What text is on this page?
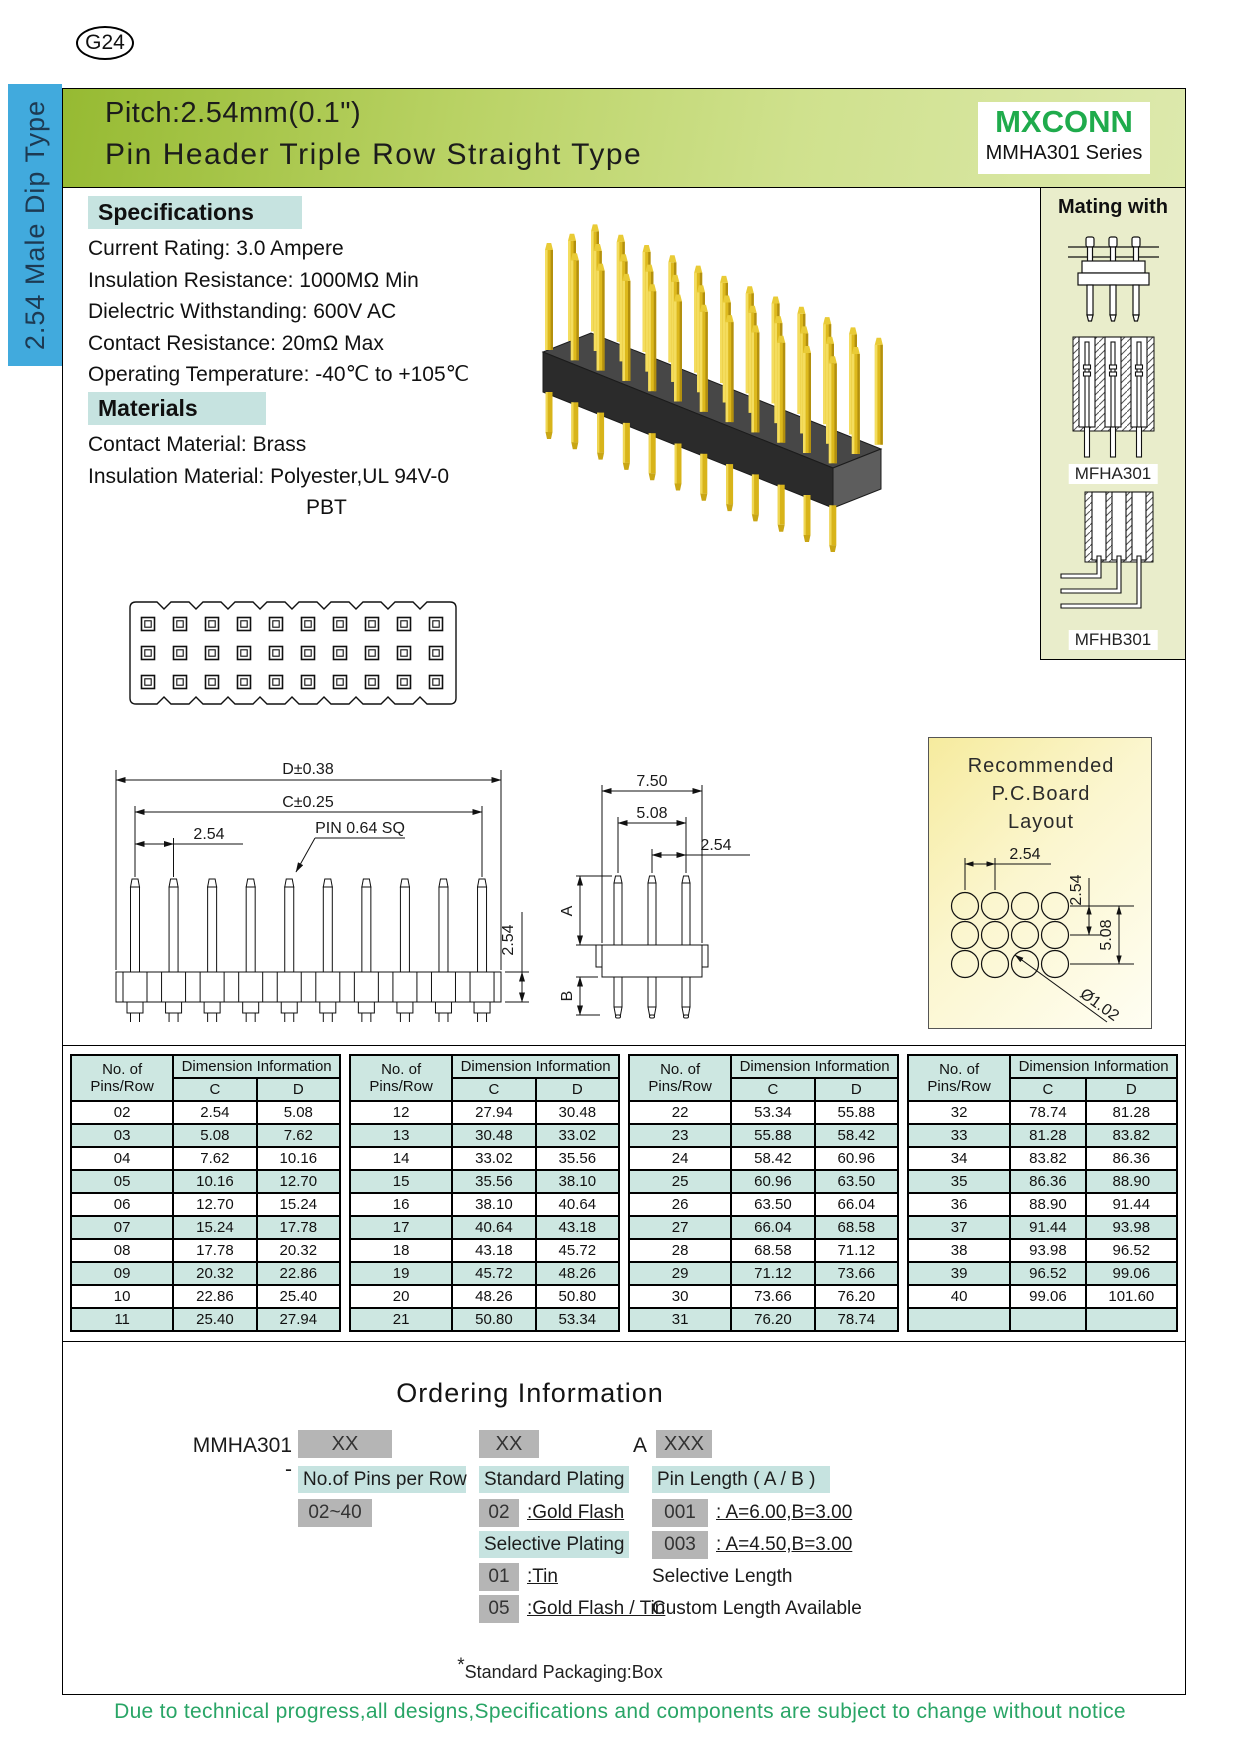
G24
2.54 Male Dip Type Pitch:2.54mm(0.1")
Pin Header Triple Row Straight Type
MXCONN
MMHA301 Series
Mating with
MFHA301
MFHB301
Specifications
Current Rating: 3.0 Ampere
Insulation Resistance: 1000MΩ Min
Dielectric Withstanding: 600V AC
Contact Resistance: 20mΩ Max
Operating Temperature: -40℃ to +105℃
Materials
Contact Material: Brass
Insulation Material: Polyester,UL 94V-0
PBT
D±0.38
C±0.25
2.54	PIN 0.64 SQ
2.54
7.50
5.08
2.54
A
B
Recommended
P.C.Board
Layout
2.54
2.54
5.08
Ø1.02
No. of
Pins/Row	Dimension Information	
	C	D
02	2.54	5.08
03	5.08	7.62
04	7.62	10.16
05	10.16	12.70
06	12.70	15.24
07	15.24	17.78
08	17.78	20.32
09	20.32	22.86
10	22.86	25.40
11	25.40	27.94
No. of
Pins/Row	Dimension Information	
	C	D
12	27.94	30.48
13	30.48	33.02
14	33.02	35.56
15	35.56	38.10
16	38.10	40.64
17	40.64	43.18
18	43.18	45.72
19	45.72	48.26
20	48.26	50.80
21	50.80	53.34
No. of
Pins/Row	Dimension Information	
	C	D
22	53.34	55.88
23	55.88	58.42
24	58.42	60.96
25	60.96	63.50
26	63.50	66.04
27	66.04	68.58
28	68.58	71.12
29	71.12	73.66
30	73.66	76.20
31	76.20	78.74
No. of
Pins/Row	Dimension Information	
	C	D
32	78.74	81.28
33	81.28	83.82
34	83.82	86.36
35	86.36	88.90
36	88.90	91.44
37	91.44	93.98
38	93.98	96.52
39	96.52	99.06
40	99.06	101.60

Ordering Information
MMHA301 -
XX	XX	A XXX
No.of Pins per Row
02~40
Standard Plating
02 :Gold Flash
Selective Plating
01 :Tin
05 :Gold Flash / Tin
Pin Length ( A / B )
001	: A=6.00,B=3.00
003	: A=4.50,B=3.00
Selective Length
Custom Length Available
*Standard Packaging:Box
Due to technical progress,all designs,Specifications and components are subject to change without notice
